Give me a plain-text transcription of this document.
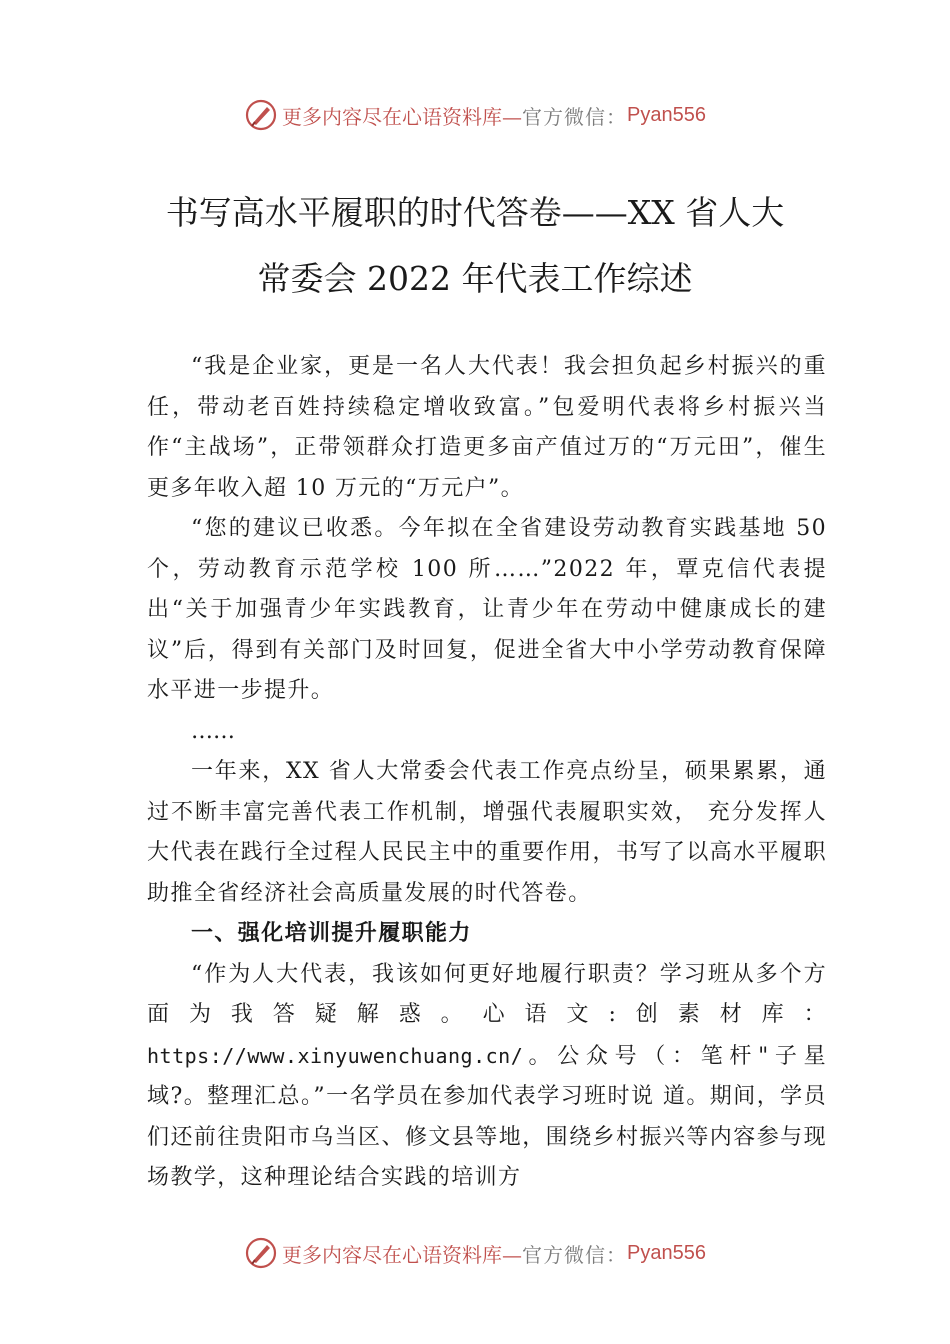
更多内容尽在心语资料库— 官方微信： Pyan556

书写高水平履职的时代答卷——XX 省人大

常委会 2022 年代表工作综述

“我是企业家，更是一名人大代表！我会担负起乡村振兴的重任，带动老百姓持续稳定增收致富。”包爱明代表将乡村振兴当作“主战场”，正带领群众打造更多亩产值过万的“万元田”，催生更多年收入超 10 万元的“万元户”。

“您的建议已收悉。今年拟在全省建设劳动教育实践基地 50 个，劳动教育示范学校 100 所……”2022 年，覃克信代表提出“关于加强青少年实践教育，让青少年在劳动中健康成长的建议”后，得到有关部门及时回复，促进全省大中小学劳动教育保障水平进一步提升。

……

一年来，XX 省人大常委会代表工作亮点纷呈，硕果累累，通过不断丰富完善代表工作机制，增强代表履职实效， 充分发挥人大代表在践行全过程人民民主中的重要作用，书写了以高水平履职助推全省经济社会高质量发展的时代答卷。

一、强化培训提升履职能力

“作为人大代表，我该如何更好地履行职责？学习班从多个方面为我答疑解惑。心语文:创素材库：https://www.xinyuwenchuang.cn/。公众号（：笔杆"子星域?。整理汇总。”一名学员在参加代表学习班时说 道。期间，学员们还前往贵阳市乌当区、修文县等地，围绕乡村振兴等内容参与现场教学，这种理论结合实践的培训方

更多内容尽在心语资料库— 官方微信： Pyan556
